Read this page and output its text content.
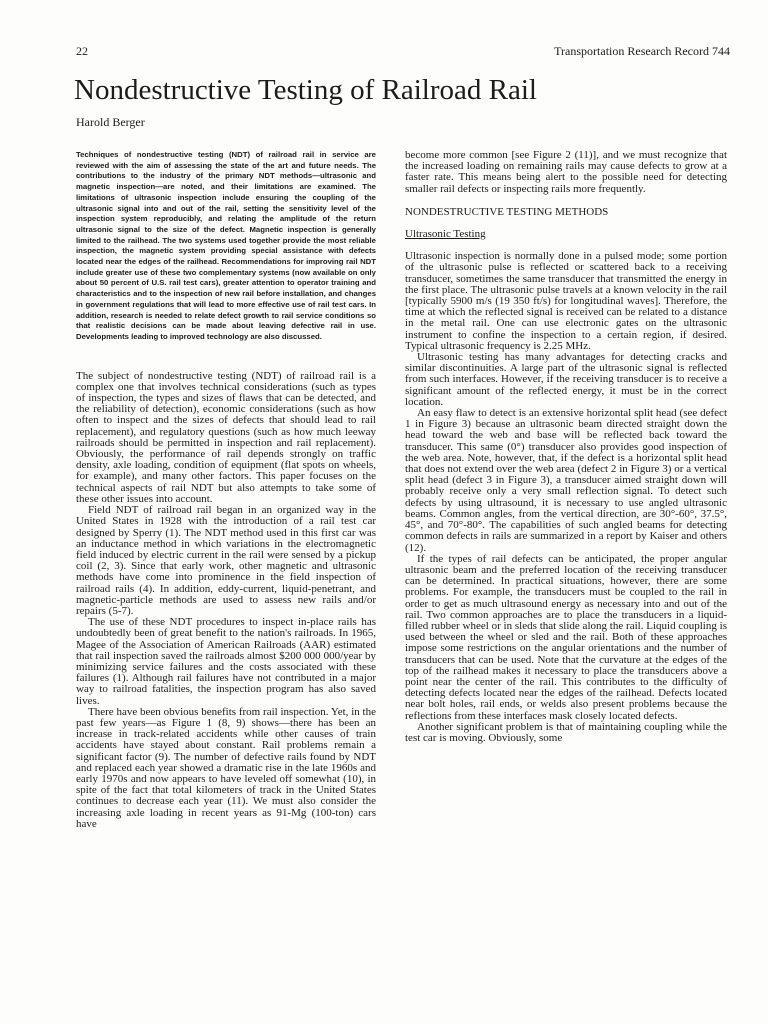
22	Transportation Research Record 744
Nondestructive Testing of Railroad Rail
Harold Berger

Techniques of nondestructive testing (NDT) of railroad rail in service are reviewed with the aim of assessing the state of the art and future needs. The contributions to the industry of the primary NDT methods—ultrasonic and magnetic inspection—are noted, and their limitations are examined. The limitations of ultrasonic inspection include ensuring the coupling of the ultrasonic signal into and out of the rail, setting the sensitivity level of the inspection system reproducibly, and relating the amplitude of the return ultrasonic signal to the size of the defect. Magnetic inspection is generally limited to the railhead. The two systems used together provide the most reliable inspection, the magnetic system providing special assistance with defects located near the edges of the railhead. Recommendations for improving rail NDT include greater use of these two complementary systems (now available on only about 50 percent of U.S. rail test cars), greater attention to operator training and characteristics and to the inspection of new rail before installation, and changes in government regulations that will lead to more effective use of rail test cars. In addition, research is needed to relate defect growth to rail service conditions so that realistic decisions can be made about leaving defective rail in use. Developments leading to improved technology are also discussed.

The subject of nondestructive testing (NDT) of railroad rail is a complex one that involves technical considerations (such as types of inspection, the types and sizes of flaws that can be detected, and the reliability of detection), economic considerations (such as how often to inspect and the sizes of defects that should lead to rail replacement), and regulatory questions (such as how much leeway railroads should be permitted in inspection and rail replacement). Obviously, the performance of rail depends strongly on traffic density, axle loading, condition of equipment (flat spots on wheels, for example), and many other factors. This paper focuses on the technical aspects of rail NDT but also attempts to take some of these other issues into account.

Field NDT of railroad rail began in an organized way in the United States in 1928 with the introduction of a rail test car designed by Sperry (1). The NDT method used in this first car was an inductance method in which variations in the electromagnetic field induced by electric current in the rail were sensed by a pickup coil (2, 3). Since that early work, other magnetic and ultrasonic methods have come into prominence in the field inspection of railroad rails (4). In addition, eddy-current, liquid-penetrant, and magnetic-particle methods are used to assess new rails and/or repairs (5-7).

The use of these NDT procedures to inspect in-place rails has undoubtedly been of great benefit to the nation's railroads. In 1965, Magee of the Association of American Railroads (AAR) estimated that rail inspection saved the railroads almost $200 000 000/year by minimizing service failures and the costs associated with these failures (1). Although rail failures have not contributed in a major way to railroad fatalities, the inspection program has also saved lives.

There have been obvious benefits from rail inspection. Yet, in the past few years—as Figure 1 (8, 9) shows—there has been an increase in track-related accidents while other causes of train accidents have stayed about constant. Rail problems remain a significant factor (9). The number of defective rails found by NDT and replaced each year showed a dramatic rise in the late 1960s and early 1970s and now appears to have leveled off somewhat (10), in spite of the fact that total kilometers of track in the United States continues to decrease each year (11). We must also consider the increasing axle loading in recent years as 91-Mg (100-ton) cars have

become more common [see Figure 2 (11)], and we must recognize that the increased loading on remaining rails may cause defects to grow at a faster rate. This means being alert to the possible need for detecting smaller rail defects or inspecting rails more frequently.

NONDESTRUCTIVE TESTING METHODS
Ultrasonic Testing

Ultrasonic inspection is normally done in a pulsed mode; some portion of the ultrasonic pulse is reflected or scattered back to a receiving transducer, sometimes the same transducer that transmitted the energy in the first place. The ultrasonic pulse travels at a known velocity in the rail [typically 5900 m/s (19 350 ft/s) for longitudinal waves]. Therefore, the time at which the reflected signal is received can be related to a distance in the metal rail. One can use electronic gates on the ultrasonic instrument to confine the inspection to a certain region, if desired. Typical ultrasonic frequency is 2.25 MHz.

Ultrasonic testing has many advantages for detecting cracks and similar discontinuities. A large part of the ultrasonic signal is reflected from such interfaces. However, if the receiving transducer is to receive a significant amount of the reflected energy, it must be in the correct location.

An easy flaw to detect is an extensive horizontal split head (see defect 1 in Figure 3) because an ultrasonic beam directed straight down the head toward the web and base will be reflected back toward the transducer. This same (0°) transducer also provides good inspection of the web area. Note, however, that, if the defect is a horizontal split head that does not extend over the web area (defect 2 in Figure 3) or a vertical split head (defect 3 in Figure 3), a transducer aimed straight down will probably receive only a very small reflection signal. To detect such defects by using ultrasound, it is necessary to use angled ultrasonic beams. Common angles, from the vertical direction, are 30°-60°, 37.5°, 45°, and 70°-80°. The capabilities of such angled beams for detecting common defects in rails are summarized in a report by Kaiser and others (12).

If the types of rail defects can be anticipated, the proper angular ultrasonic beam and the preferred location of the receiving transducer can be determined. In practical situations, however, there are some problems. For example, the transducers must be coupled to the rail in order to get as much ultrasound energy as necessary into and out of the rail. Two common approaches are to place the transducers in a liquid-filled rubber wheel or in sleds that slide along the rail. Liquid coupling is used between the wheel or sled and the rail. Both of these approaches impose some restrictions on the angular orientations and the number of transducers that can be used. Note that the curvature at the edges of the top of the railhead makes it necessary to place the transducers above a point near the center of the rail. This contributes to the difficulty of detecting defects located near the edges of the railhead. Defects located near bolt holes, rail ends, or welds also present problems because the reflections from these interfaces mask closely located defects.

Another significant problem is that of maintaining coupling while the test car is moving. Obviously, some
